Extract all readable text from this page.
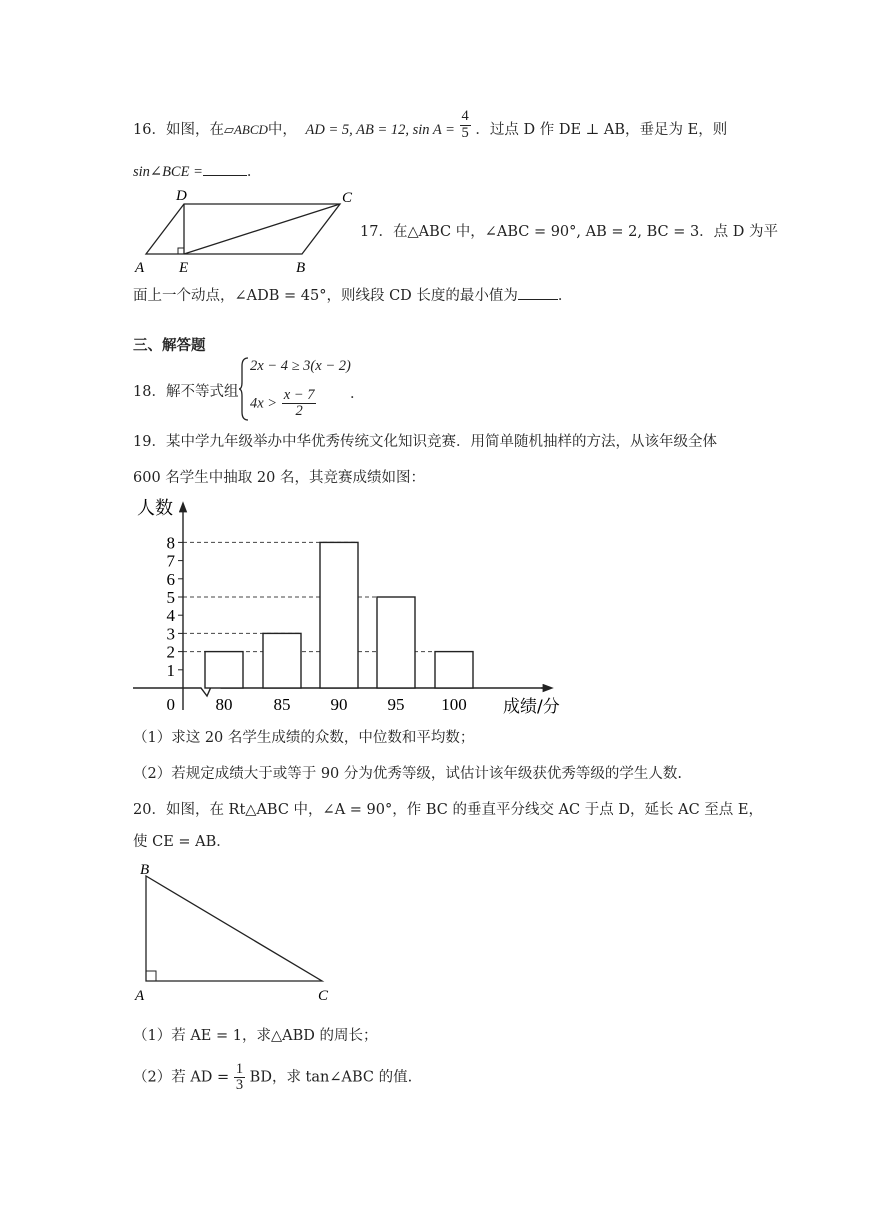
16．如图，在▱ABCD中， AD = 5, AB = 12, $\sin A = \frac{4}{5}$ ．过点 D 作 DE ⊥ AB，垂足为 E，则
sin∠BCE =	．
D	C
A E	B
17．在△ABC 中，∠ABC = 90°, AB = 2, BC = 3．点 D 为平
面上一个动点，∠ADB = 45°，则线段 CD 长度的最小值为	．
三、解答题
18．解不等式组
2x − 4 ≥ 3(x − 2)
$4x > \frac{x - 7}{2}$ ．
19．某中学九年级举办中华优秀传统文化知识竞赛．用简单随机抽样的方法，从该年级全体
600 名学生中抽取 20 名，其竞赛成绩如图：
1
2
3
4
5
6
7
8
0 80 85 90 95 100
人数
成绩/分
（1）求这 20 名学生成绩的众数，中位数和平均数；
（2）若规定成绩大于或等于 90 分为优秀等级，试估计该年级获优秀等级的学生人数.
20．如图，在 Rt△ABC 中，∠A = 90°，作 BC 的垂直平分线交 AC 于点 D，延长 AC 至点 E，
使 CE = AB．
B
A	C
（1）若 AE = 1，求△ABD 的周长；
（2）若 AD = $\frac{1}{3}$ BD，求 tan∠ABC 的值.
